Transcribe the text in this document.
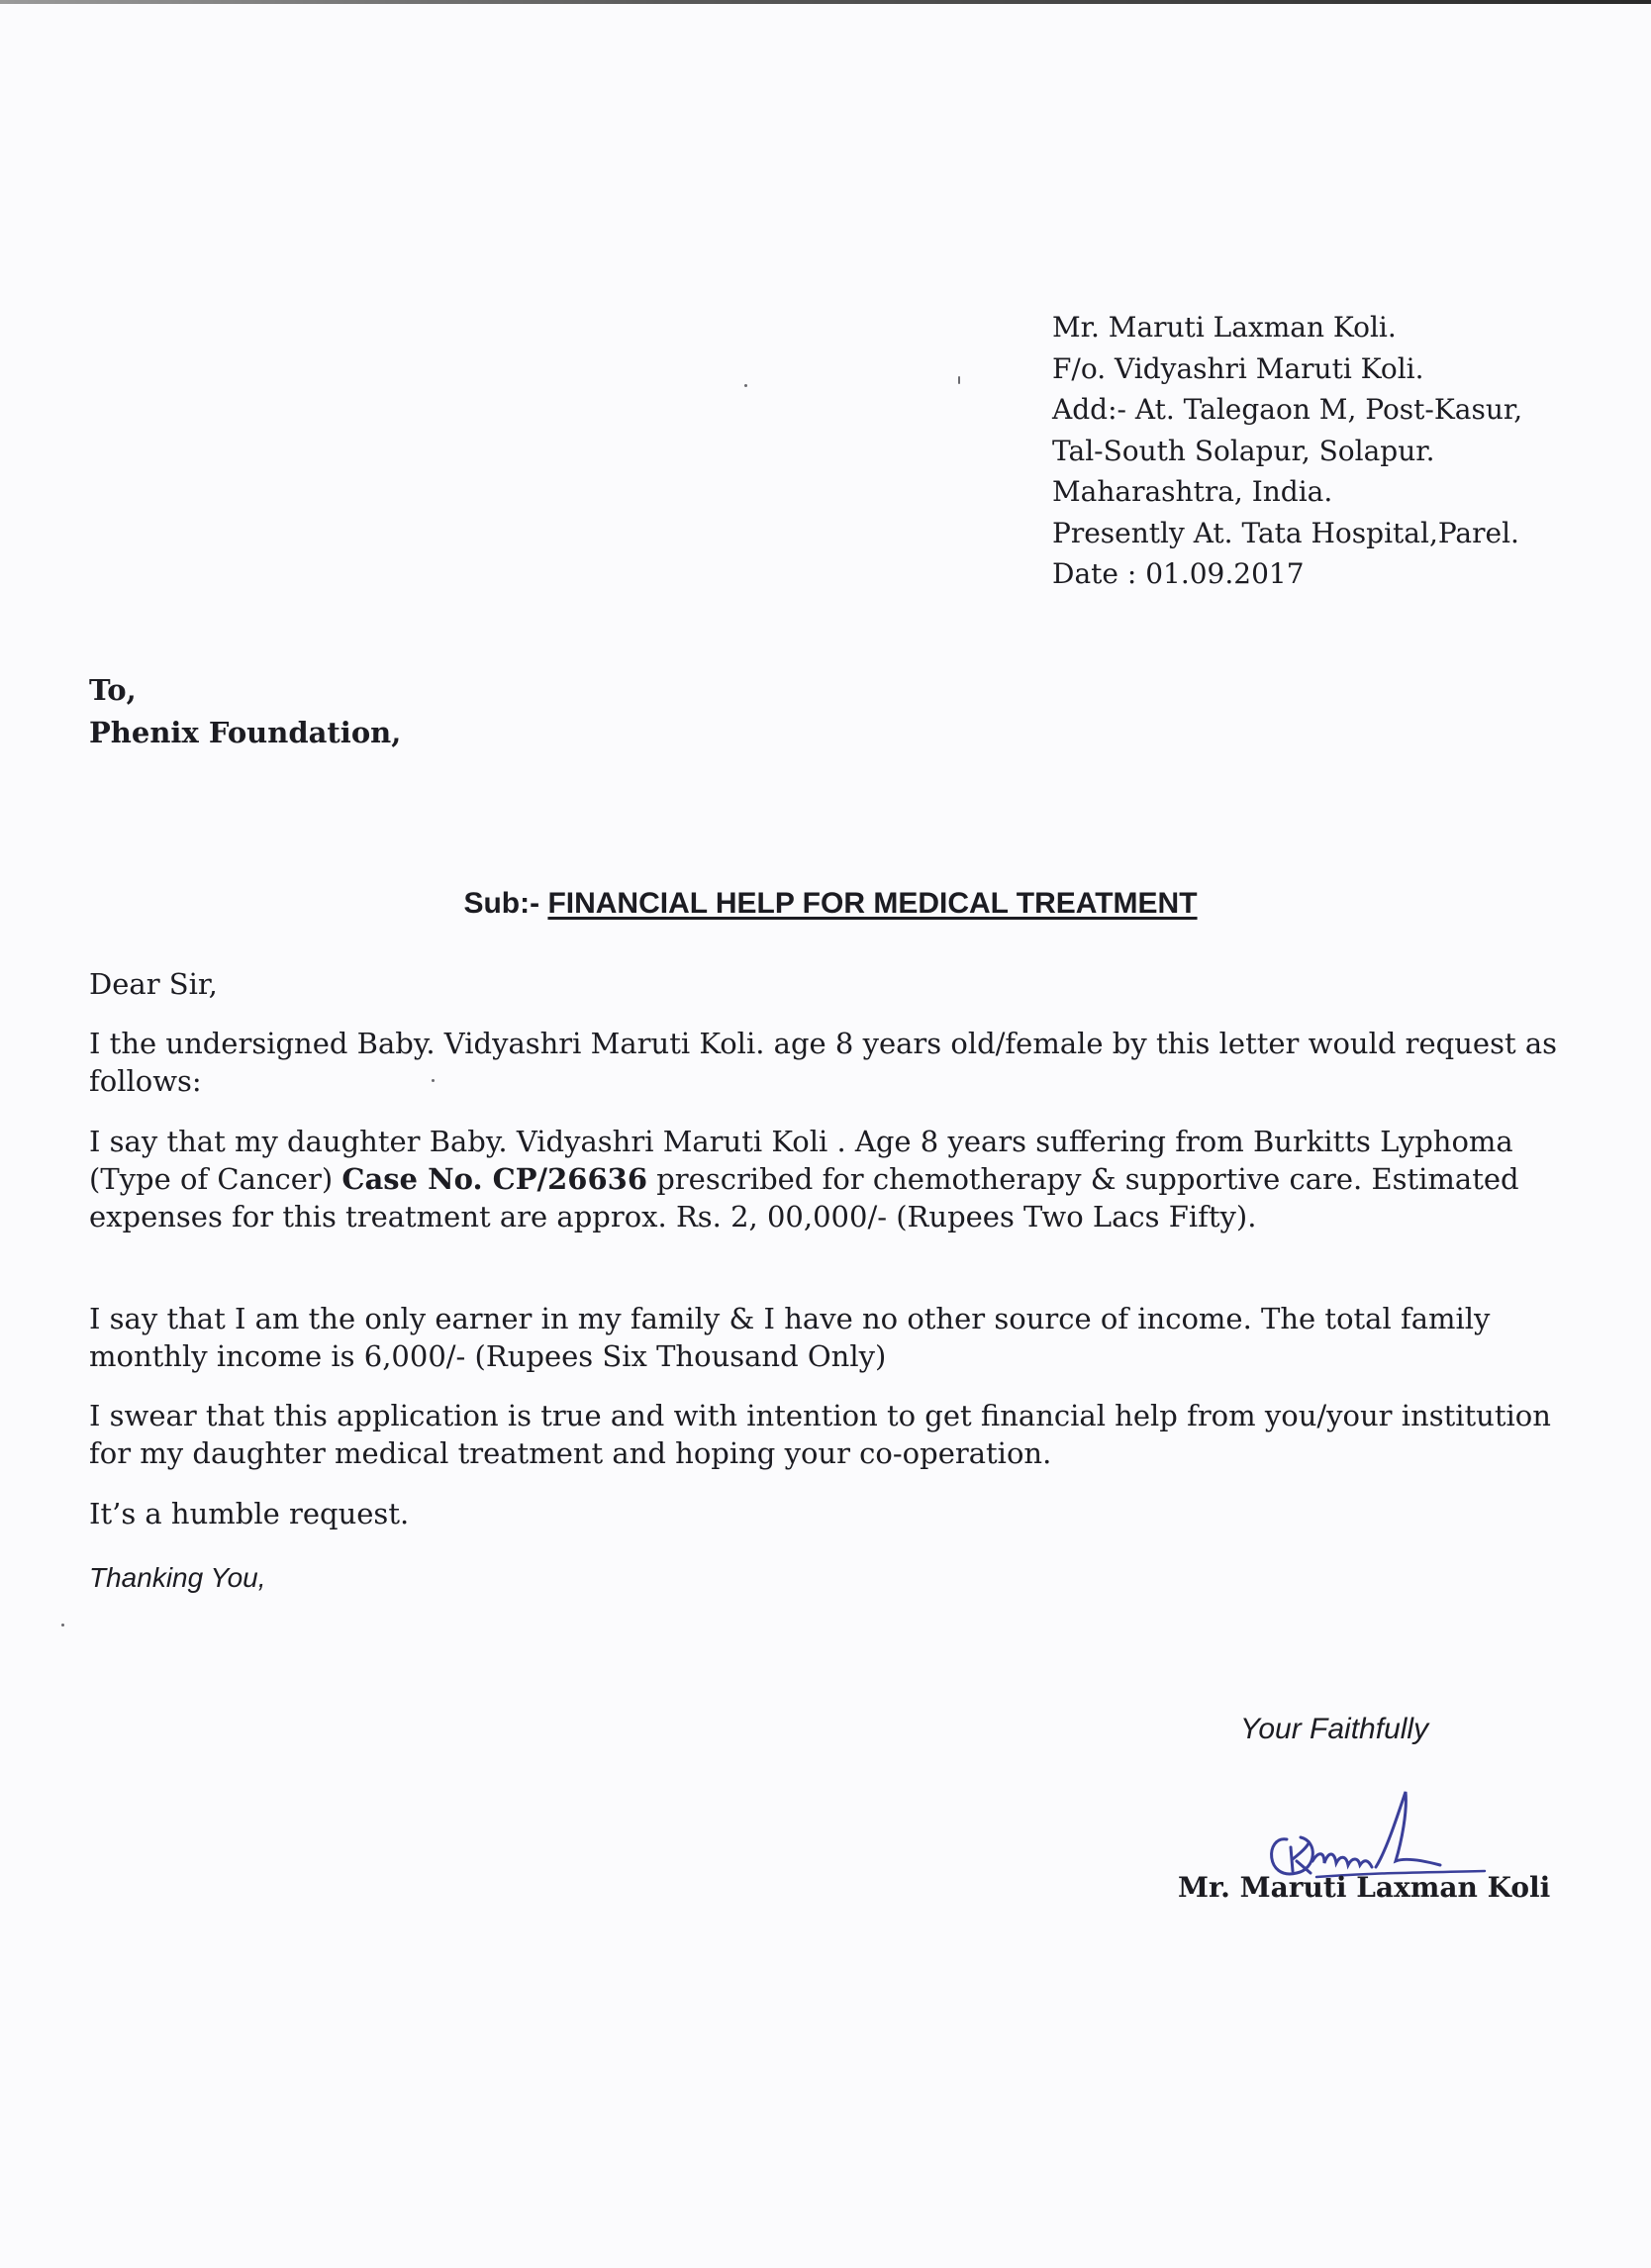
Mr. Maruti Laxman Koli.
F/o. Vidyashri Maruti Koli.
Add:- At. Talegaon M, Post-Kasur,
Tal-South Solapur, Solapur.
Maharashtra, India.
Presently At. Tata Hospital,Parel.
Date : 01.09.2017
To,
Phenix Foundation,
Sub:- FINANCIAL HELP FOR MEDICAL TREATMENT
Dear Sir,
I the undersigned Baby. Vidyashri Maruti Koli. age 8 years old/female by this letter would request as follows:
I say that my daughter Baby. Vidyashri Maruti Koli . Age 8 years suffering from Burkitts Lyphoma (Type of Cancer) Case No. CP/26636 prescribed for chemotherapy & supportive care. Estimated expenses for this treatment are approx. Rs. 2, 00,000/- (Rupees Two Lacs Fifty).
I say that I am the only earner in my family & I have no other source of income. The total family monthly income is 6,000/- (Rupees Six Thousand Only)
I swear that this application is true and with intention to get financial help from you/your institution for my daughter medical treatment and hoping your co-operation.
It’s a humble request.
Thanking You,
Your Faithfully
Mr. Maruti Laxman Koli
